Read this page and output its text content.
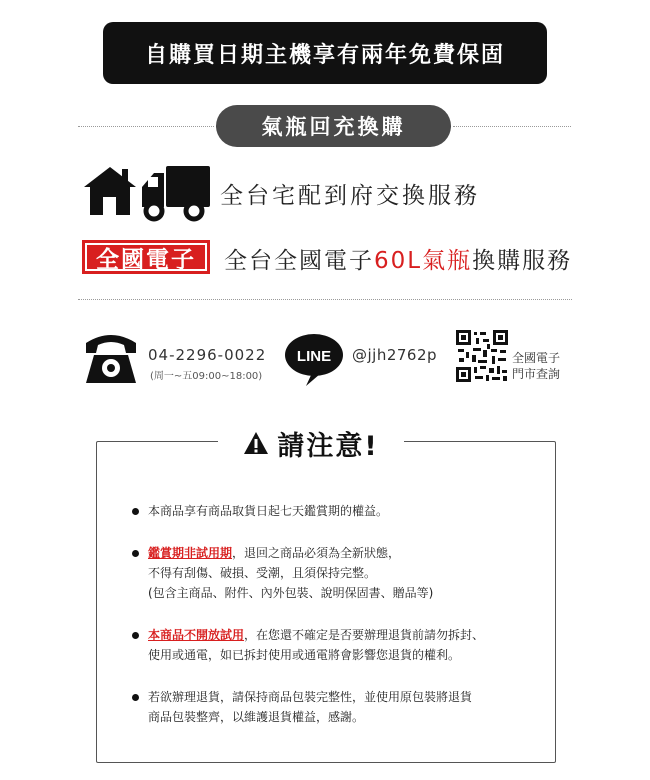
自購買日期主機享有兩年免費保固
氣瓶回充換購
全台宅配到府交換服務
全國電子 全台全國電子60L氣瓶換購服務
04-2296-0022
(周一~五09:00~18:00)
LINE @jjh2762p	全國電子
門市查詢
請注意!
本商品享有商品取貨日起七天鑑賞期的權益。
鑑賞期非試用期，退回之商品必須為全新狀態，
不得有刮傷、破損、受潮，且須保持完整。
(包含主商品、附件、內外包裝、說明保固書、贈品等)
本商品不開放試用，在您還不確定是否要辦理退貨前請勿拆封、
使用或通電，如已拆封使用或通電將會影響您退貨的權利。
若欲辦理退貨，請保持商品包裝完整性，並使用原包裝將退貨
商品包裝整齊，以維護退貨權益，感謝。
